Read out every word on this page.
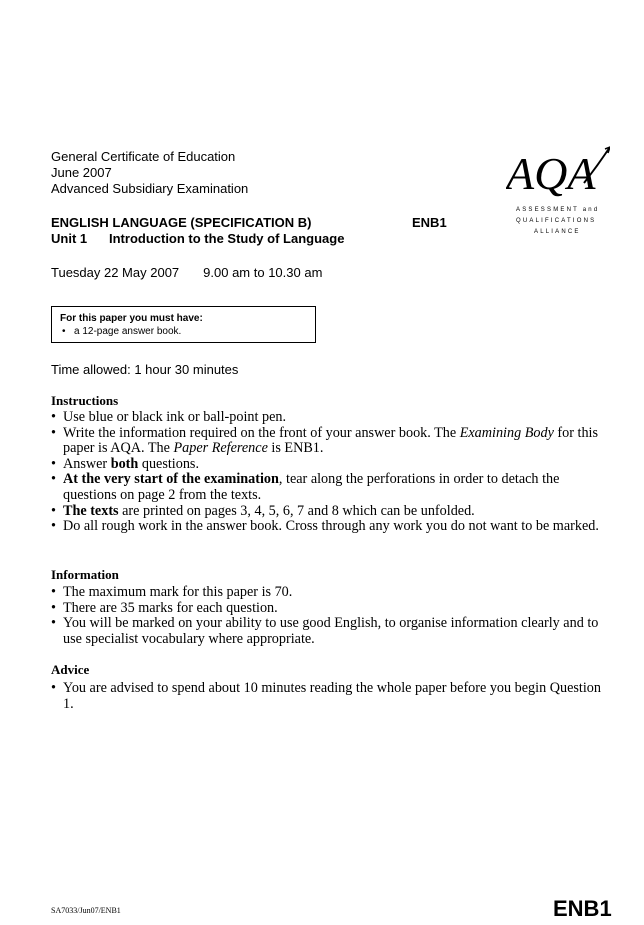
General Certificate of Education
June 2007
Advanced Subsidiary Examination	AQA
ASSESSMENT and
QUALIFICATIONS
ALLIANCE
ENGLISH LANGUAGE (SPECIFICATION B)
Unit 1 Introduction to the Study of Language
ENB1
Tuesday 22 May 2007 9.00 am to 10.30 am
For this paper you must have:
• a 12-page answer book.
Time allowed: 1 hour 30 minutes
Instructions
• Use blue or black ink or ball-point pen.
• Write the information required on the front of your answer book. The Examining Body for this paper is AQA. The Paper Reference is ENB1.
• Answer both questions.
• At the very start of the examination, tear along the perforations in order to detach the questions on page 2 from the texts.
• The texts are printed on pages 3, 4, 5, 6, 7 and 8 which can be unfolded.
• Do all rough work in the answer book. Cross through any work you do not want to be marked.
Information
• The maximum mark for this paper is 70.
• There are 35 marks for each question.
• You will be marked on your ability to use good English, to organise information clearly and to use specialist vocabulary where appropriate.
Advice
• You are advised to spend about 10 minutes reading the whole paper before you begin Question 1.
SA7033/Jun07/ENB1	ENB1
